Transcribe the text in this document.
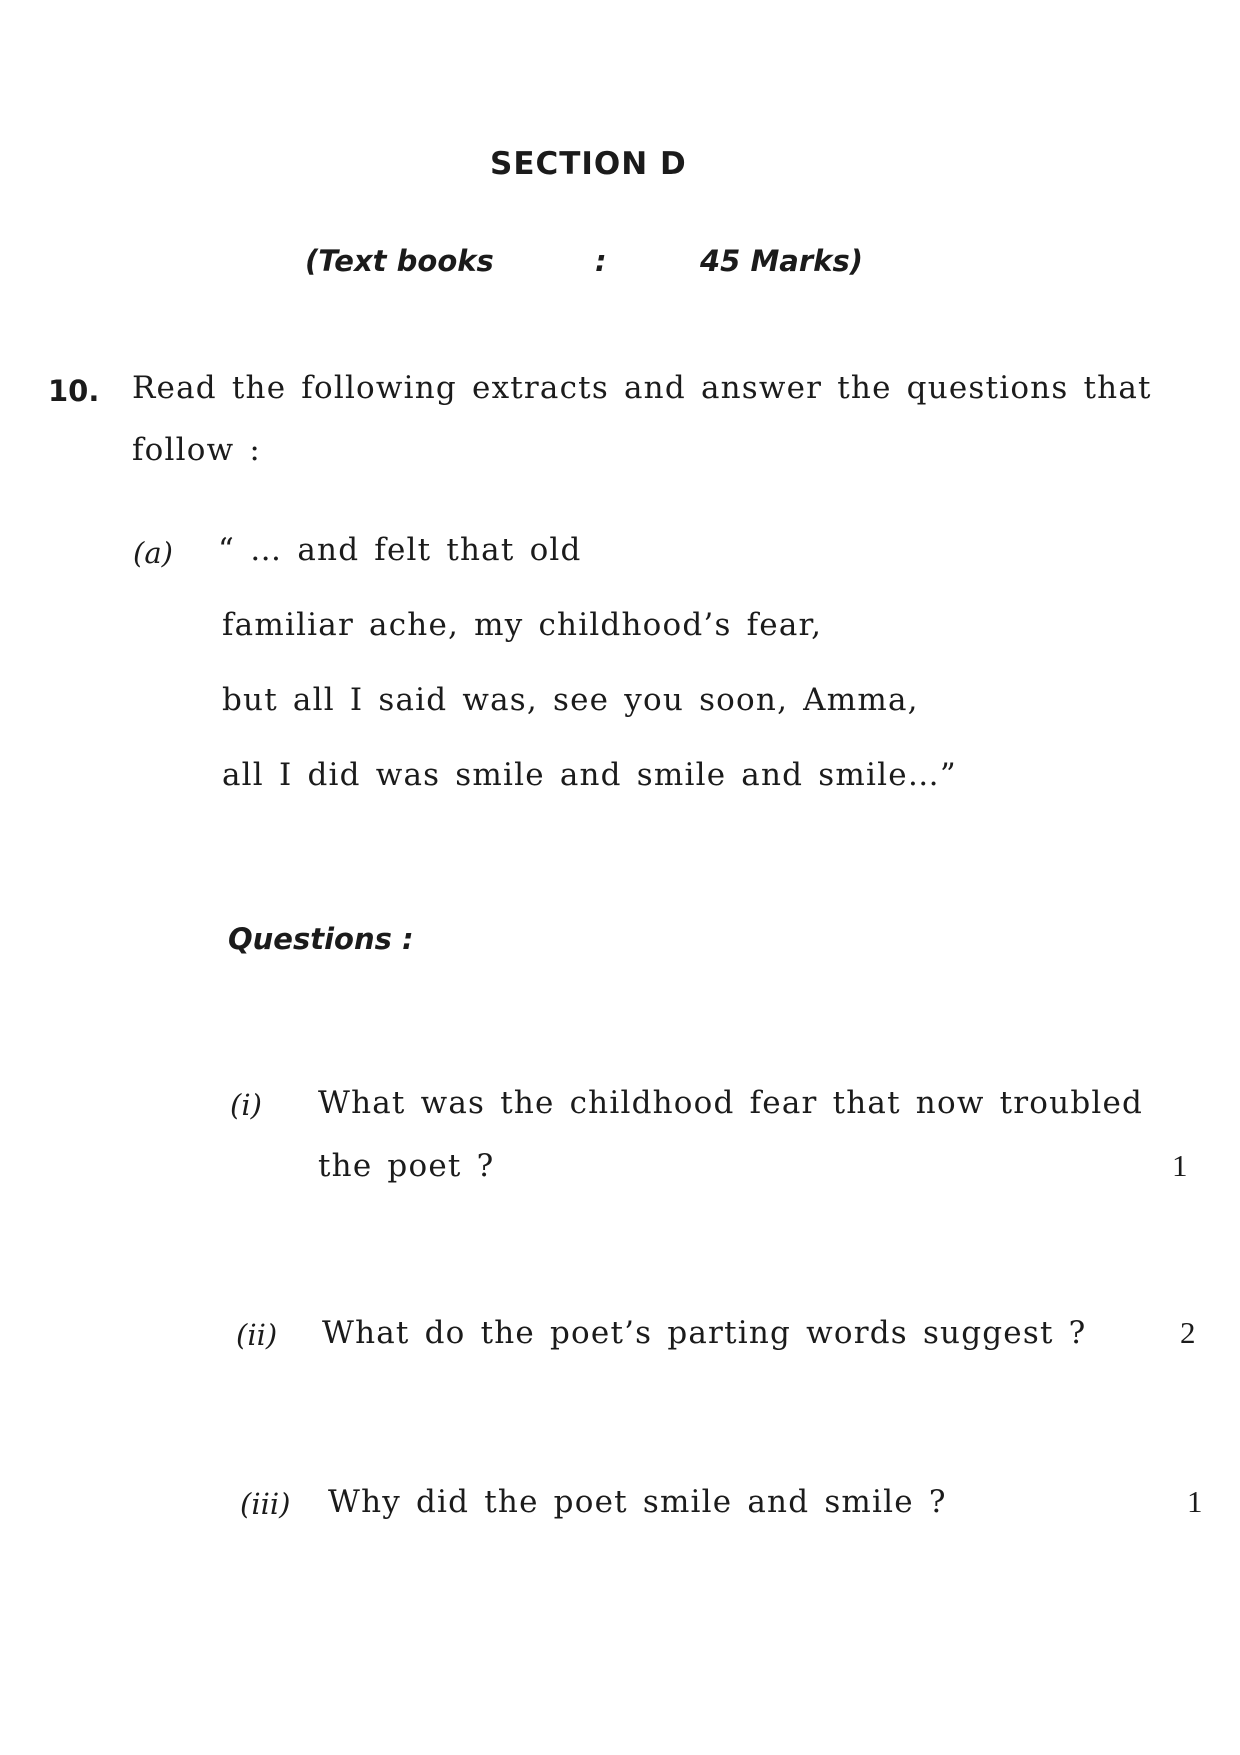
SECTION D
(Text books	:	45 Marks)
10. Read the following extracts and answer the questions that
follow :
(a) “ … and felt that old
familiar ache, my childhood’s fear,
but all I said was, see you soon, Amma,
all I did was smile and smile and smile…”
Questions :
(i) What was the childhood fear that now troubled
the poet ?	1
(ii) What do the poet’s parting words suggest ?	2
(iii) Why did the poet smile and smile ?	1
